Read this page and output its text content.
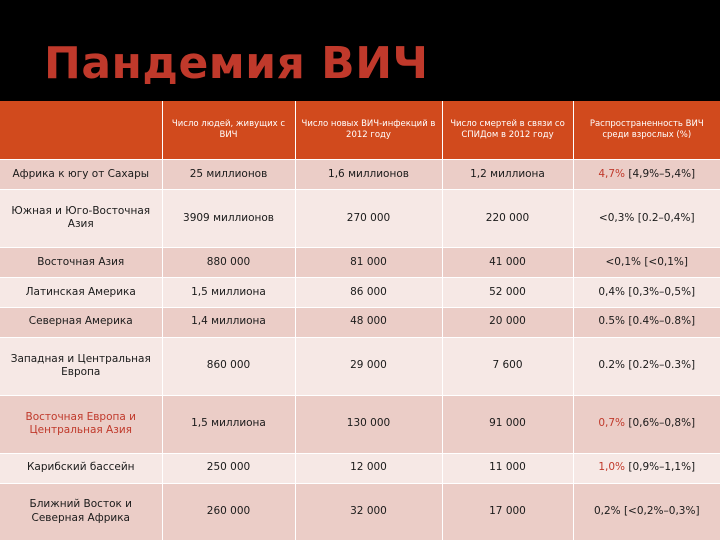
Пандемия ВИЧ
	Число людей, живущих с ВИЧ	Число новых ВИЧ-инфекций в 2012 году	Число смертей в связи со СПИДом в 2012 году	Распространенность ВИЧ среди взрослых (%)
Африка к югу от Сахары	25 миллионов	1,6 миллионов	1,2 миллиона	4,7% [4,9%–5,4%]
Южная и Юго-Восточная Азия	3909 миллионов	270 000	220 000	<0,3% [0.2–0,4%]
Восточная Азия	880 000	81 000	41 000	<0,1% [<0,1%]
Латинская Америка	1,5 миллиона	86 000	52 000	0,4% [0,3%–0,5%]
Северная Америка	1,4 миллиона	48 000	20 000	0.5% [0.4%–0.8%]
Западная и Центральная Европа	860 000	29 000	7 600	0.2% [0.2%–0.3%]
Восточная Европа и Центральная Азия	1,5 миллиона	130 000	91 000	0,7% [0,6%–0,8%]
Карибский бассейн	250 000	12 000	11 000	1,0% [0,9%–1,1%]
Ближний Восток и Северная Африка	260 000	32 000	17 000	0,2% [<0,2%–0,3%]
